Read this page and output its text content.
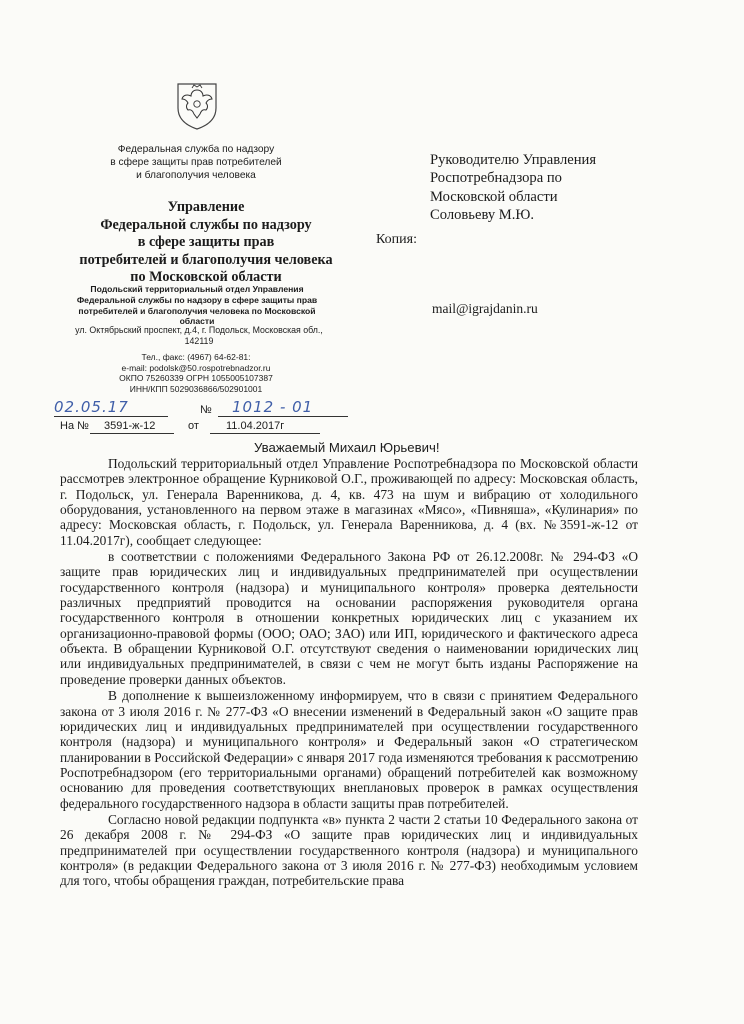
Федеральная служба по надзору
в сфере защиты прав потребителей
и благополучия человека
Управление
Федеральной службы по надзору
в сфере защиты прав
потребителей и благополучия человека
по Московской области
Подольский территориальный отдел Управления
Федеральной службы по надзору в сфере защиты прав
потребителей и благополучия человека по Московской
области
ул. Октябрьский проспект, д.4, г. Подольск, Московская обл.,
142119
Тел., факс: (4967) 64-62-81:
e-mail: podolsk@50.rospotrebnadzor.ru
ОКПО 75260339 ОГРН 1055005107387
ИНН/КПП 5029036866/502901001
02.05.17	№ 1012 - 01
На № 3591-ж-12	от 11.04.2017г
Руководителю Управления
Роспотребнадзора по
Московской области
Соловьеву М.Ю.
Копия:
mail@igrajdanin.ru
Уважаемый Михаил Юрьевич!

Подольский территориальный отдел Управление Роспотребнадзора по Московской области рассмотрев электронное обращение Курниковой О.Г., проживающей по адресу: Московская область, г. Подольск, ул. Генерала Варенникова, д. 4, кв. 473 на шум и вибрацию от холодильного оборудования, установленного на первом этаже в магазинах «Мясо», «Пивняша», «Кулинария» по адресу: Московская область, г. Подольск, ул. Генерала Варенникова, д. 4 (вх. №3591-ж-12 от 11.04.2017г), сообщает следующее:

в соответствии с положениями Федерального Закона РФ от 26.12.2008г. № 294-ФЗ «О защите прав юридических лиц и индивидуальных предпринимателей при осуществлении государственного контроля (надзора) и муниципального контроля» проверка деятельности различных предприятий проводится на основании распоряжения руководителя органа государственного контроля в отношении конкретных юридических лиц с указанием их организационно-правовой формы (ООО; ОАО; ЗАО) или ИП, юридического и фактического адреса объекта. В обращении Курниковой О.Г. отсутствуют сведения о наименовании юридических лиц или индивидуальных предпринимателей, в связи с чем не могут быть изданы Распоряжение на проведение проверки данных объектов.

В дополнение к вышеизложенному информируем, что в связи с принятием Федерального закона от 3 июля 2016 г. № 277-ФЗ «О внесении изменений в Федеральный закон «О защите прав юридических лиц и индивидуальных предпринимателей при осуществлении государственного контроля (надзора) и муниципального контроля» и Федеральный закон «О стратегическом планировании в Российской Федерации» с января 2017 года изменяются требования к рассмотрению Роспотребнадзором (его территориальными органами) обращений потребителей как возможному основанию для проведения соответствующих внеплановых проверок в рамках осуществления федерального государственного надзора в области защиты прав потребителей.

Согласно новой редакции подпункта «в» пункта 2 части 2 статьи 10 Федерального закона от 26 декабря 2008 г. № 294-ФЗ «О защите прав юридических лиц и индивидуальных предпринимателей при осуществлении государственного контроля (надзора) и муниципального контроля» (в редакции Федерального закона от 3 июля 2016 г. № 277-ФЗ) необходимым условием для того, чтобы обращения граждан, потребительские права
